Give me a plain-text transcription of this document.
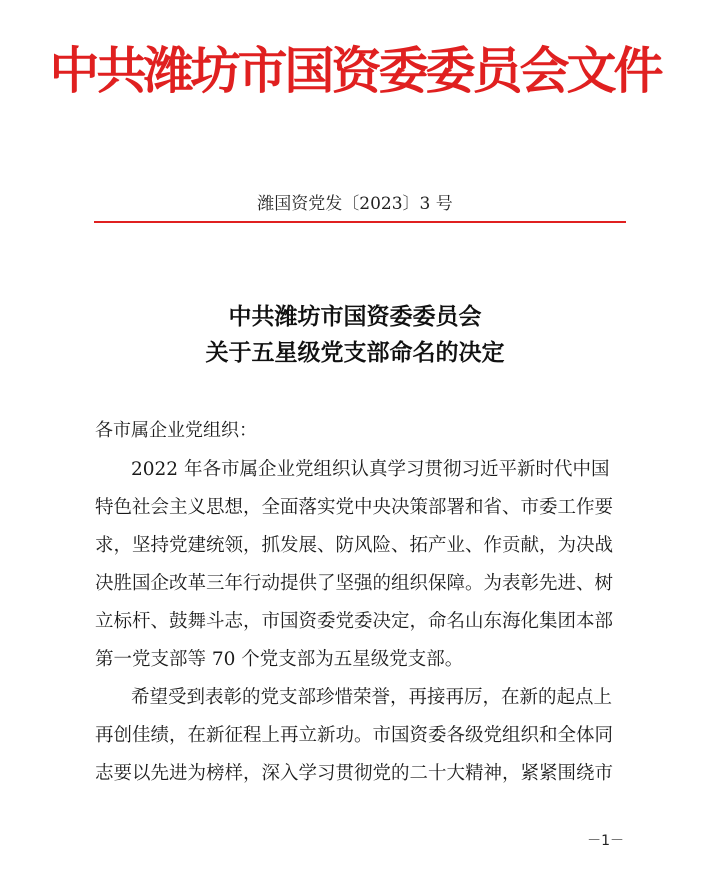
中共潍坊市国资委委员会文件
潍国资党发〔2023〕3 号
中共潍坊市国资委委员会
关于五星级党支部命名的决定
各市属企业党组织：
2022 年各市属企业党组织认真学习贯彻习近平新时代中国
特色社会主义思想，全面落实党中央决策部署和省、市委工作要
求，坚持党建统领，抓发展、防风险、拓产业、作贡献，为决战
决胜国企改革三年行动提供了坚强的组织保障。为表彰先进、树
立标杆、鼓舞斗志，市国资委党委决定，命名山东海化集团本部
第一党支部等 70 个党支部为五星级党支部。
希望受到表彰的党支部珍惜荣誉，再接再厉，在新的起点上
再创佳绩，在新征程上再立新功。市国资委各级党组织和全体同
志要以先进为榜样，深入学习贯彻党的二十大精神，紧紧围绕市
－1－
